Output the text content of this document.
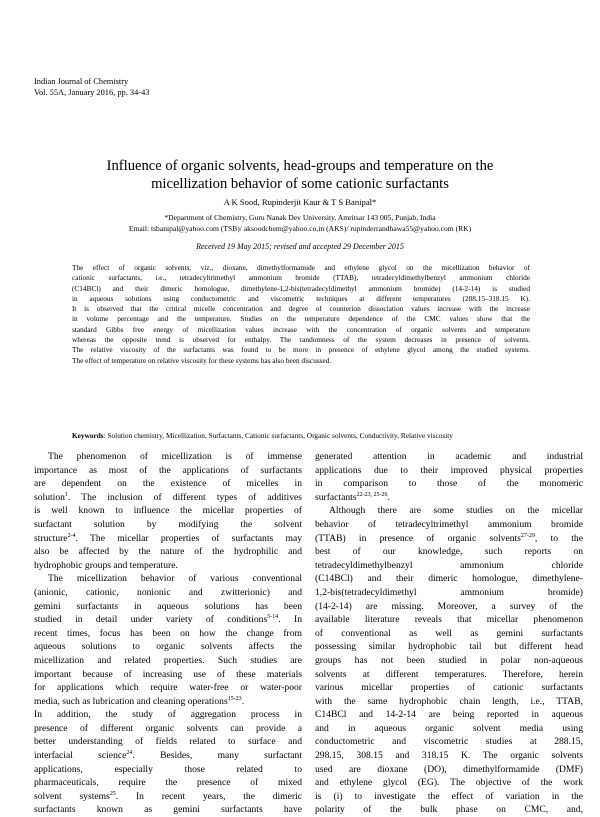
Indian Journal of Chemistry
Vol. 55A, January 2016, pp. 34-43
Influence of organic solvents, head-groups and temperature on the
micellization behavior of some cationic surfactants
A K Sood, Rupinderjit Kaur & T S Banipal*
*Department of Chemistry, Guru Nanak Dev University, Amritsar 143 005, Punjab, India
Email: tsbanipal@yahoo.com (TSB)/ aksoodchem@yahoo.co.in (AKS)/ rupinderrandhawa55@yahoo.com (RK)
Received 19 May 2015; revised and accepted 29 December 2015
The effect of organic solvents, viz., dioxane, dimethylformamide and ethylene glycol on the micellization behavior of
cationic surfactants, i.e., tetradecyltrimethyl ammonium bromide (TTAB), tetradecyldimethylbenzyl ammonium chloride
(C14BCl) and their dimeric homologue, dimethylene-1,2-bis(tetradecyldimethyl ammonium bromide) (14-2-14) is studied
in aqueous solutions using conductometric and viscometric techniques at different temperatures (288.15–318.15 K).
It is observed that the critical micelle concentration and degree of counterion dissociation values increase with the increase
in volume percentage and the temperature. Studies on the temperature dependence of the CMC values show that the
standard Gibbs free energy of micellization values increase with the concentration of organic solvents and temperature
whereas the opposite trend is observed for enthalpy. The randomness of the system decreases in presence of solvents.
The relative viscosity of the surfactants was found to be more in presence of ethylene glycol among the studied systems.
The effect of temperature on relative viscosity for these systems has also been discussed.
Keywords: Solution chemistry, Micellization, Surfactants, Cationic surfactants, Organic solvents, Conductivity, Relative viscosity
The phenomenon of micellization is of immense
importance as most of the applications of surfactants
are dependent on the existence of micelles in
solution$^1$. The inclusion of different types of additives
is well known to influence the micellar properties of
surfactant solution by modifying the solvent
structure$^{2-4}$. The micellar properties of surfactants may
also be affected by the nature of the hydrophilic and
hydrophobic groups and temperature.
The micellization behavior of various conventional
(anionic, cationic, nonionic and zwitterionic) and
gemini surfactants in aqueous solutions has been
studied in detail under variety of conditions$^{5-14}$. In
recent times, focus has been on how the change from
aqueous solutions to organic solvents affects the
micellization and related properties. Such studies are
important because of increasing use of these materials
for applications which require water-free or water-poor
media, such as lubrication and cleaning operations$^{15-23}$.
In addition, the study of aggregation process in
presence of different organic solvents can provide a
better understanding of fields related to surface and
interfacial science$^{24}$. Besides, many surfactant
applications, especially those related to
pharmaceuticals, require the presence of mixed
solvent systems$^{25}$. In recent years, the dimeric
surfactants known as gemini surfactants have
generated attention in academic and industrial
applications due to their improved physical properties
in comparison to those of the monomeric
surfactants$^{22-23, 25-26}$.
Although there are some studies on the micellar
behavior of tetradecyltrimethyl ammonium bromide
(TTAB) in presence of organic solvents$^{27-29}$, to the
best of our knowledge, such reports on
tetradecyldimethylbenzyl ammonium chloride
(C14BCl) and their dimeric homologue, dimethylene-
1,2-bis(tetradecyldimethyl ammonium bromide)
(14-2-14) are missing. Moreover, a survey of the
available literature reveals that micellar phenomenon
of conventional as well as gemini surfactants
possessing similar hydrophobic tail but different head
groups has not been studied in polar non-aqueous
solvents at different temperatures. Therefore, herein
various micellar properties of cationic surfactants
with the same hydrophobic chain length, i.e., TTAB,
C14BCl and 14-2-14 are being reported in aqueous
and in aqueous organic solvent media using
conductometric and viscometric studies at 288.15,
298.15, 308.15 and 318.15 K. The organic solvents
used are dioxane (DO), dimethylformamide (DMF)
and ethylene glycol (EG). The objective of the work
is (i) to investigate the effect of variation in the
polarity of the bulk phase on CMC, and,
